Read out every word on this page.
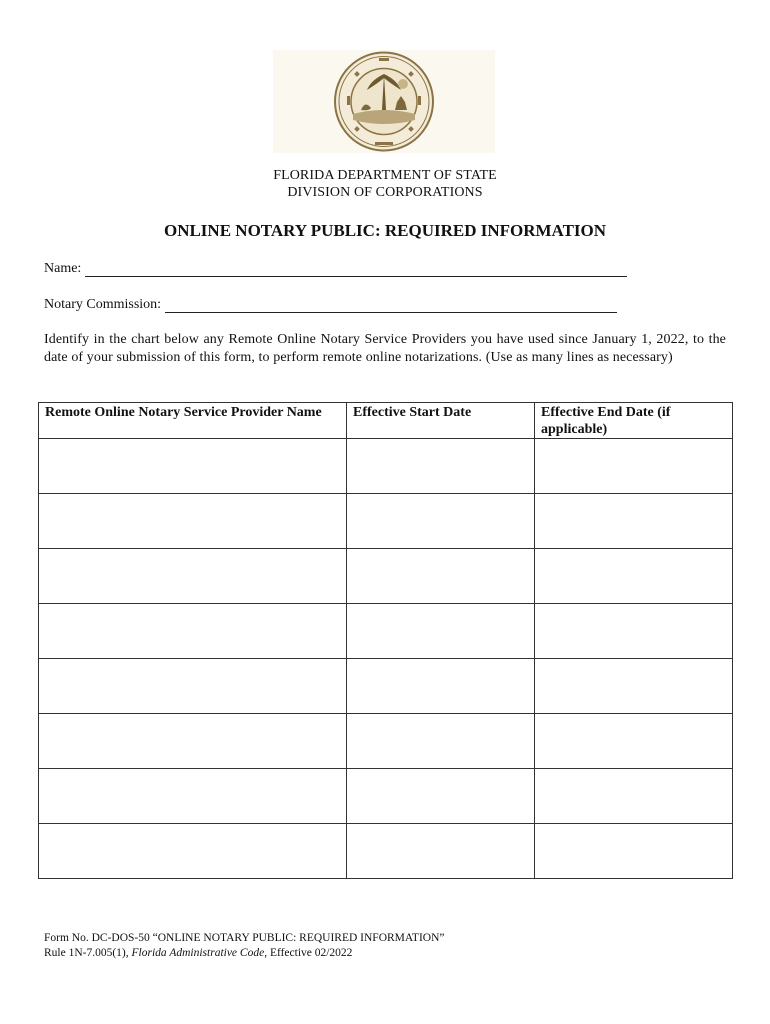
FLORIDA DEPARTMENT OF STATE
DIVISION OF CORPORATIONS
ONLINE NOTARY PUBLIC: REQUIRED INFORMATION
Name:
Notary Commission:
Identify in the chart below any Remote Online Notary Service Providers you have used since January 1, 2022, to the date of your submission of this form, to perform remote online notarizations. (Use as many lines as necessary)
Remote Online Notary Service Provider Name	Effective Start Date	Effective End Date (if applicable)

Form No. DC-DOS-50 “ONLINE NOTARY PUBLIC: REQUIRED INFORMATION”
Rule 1N-7.005(1), Florida Administrative Code, Effective 02/2022
